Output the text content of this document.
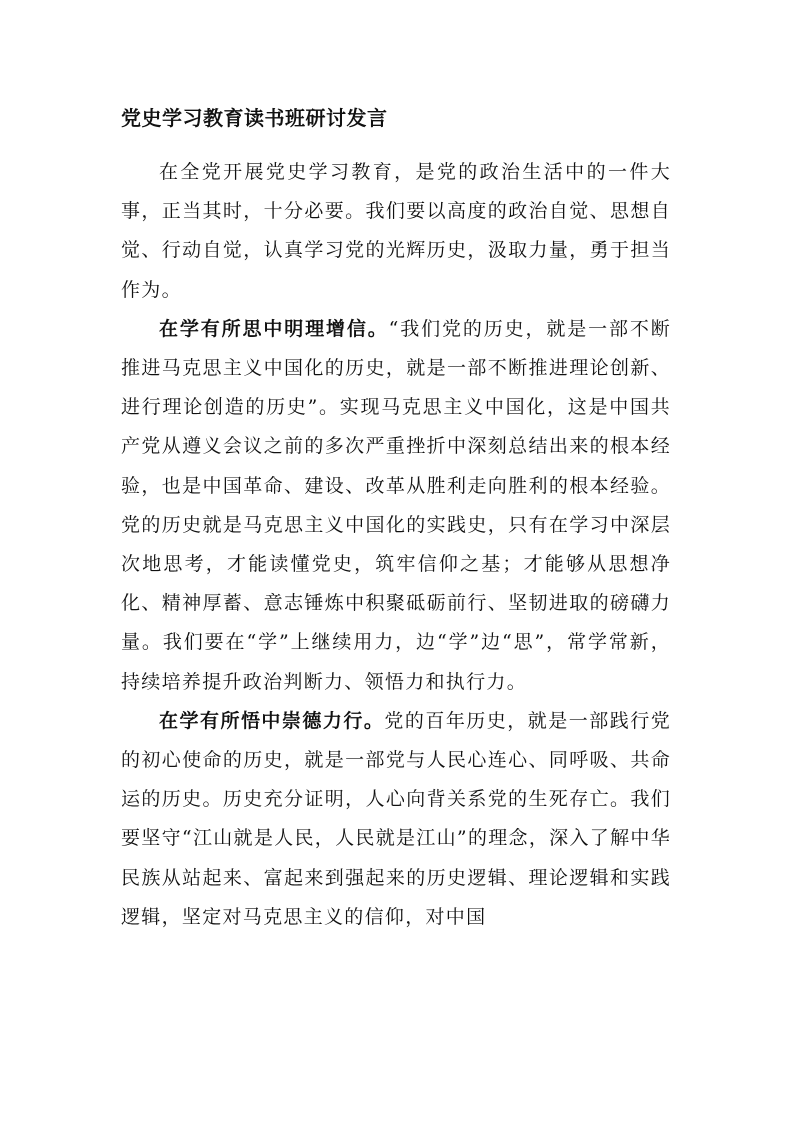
党史学习教育读书班研讨发言

在全党开展党史学习教育，是党的政治生活中的一件大事，正当其时，十分必要。我们要以高度的政治自觉、思想自觉、行动自觉，认真学习党的光辉历史，汲取力量，勇于担当作为。

在学有所思中明理增信。“我们党的历史，就是一部不断推进马克思主义中国化的历史，就是一部不断推进理论创新、进行理论创造的历史”。实现马克思主义中国化，这是中国共产党从遵义会议之前的多次严重挫折中深刻总结出来的根本经验，也是中国革命、建设、改革从胜利走向胜利的根本经验。党的历史就是马克思主义中国化的实践史，只有在学习中深层次地思考，才能读懂党史，筑牢信仰之基；才能够从思想净化、精神厚蓄、意志锤炼中积聚砥砺前行、坚韧进取的磅礴力量。我们要在“学”上继续用力，边“学”边“思”，常学常新，持续培养提升政治判断力、领悟力和执行力。

在学有所悟中崇德力行。党的百年历史，就是一部践行党的初心使命的历史，就是一部党与人民心连心、同呼吸、共命运的历史。历史充分证明，人心向背关系党的生死存亡。我们要坚守“江山就是人民，人民就是江山”的理念，深入了解中华民族从站起来、富起来到强起来的历史逻辑、理论逻辑和实践逻辑，坚定对马克思主义的信仰，对中国
